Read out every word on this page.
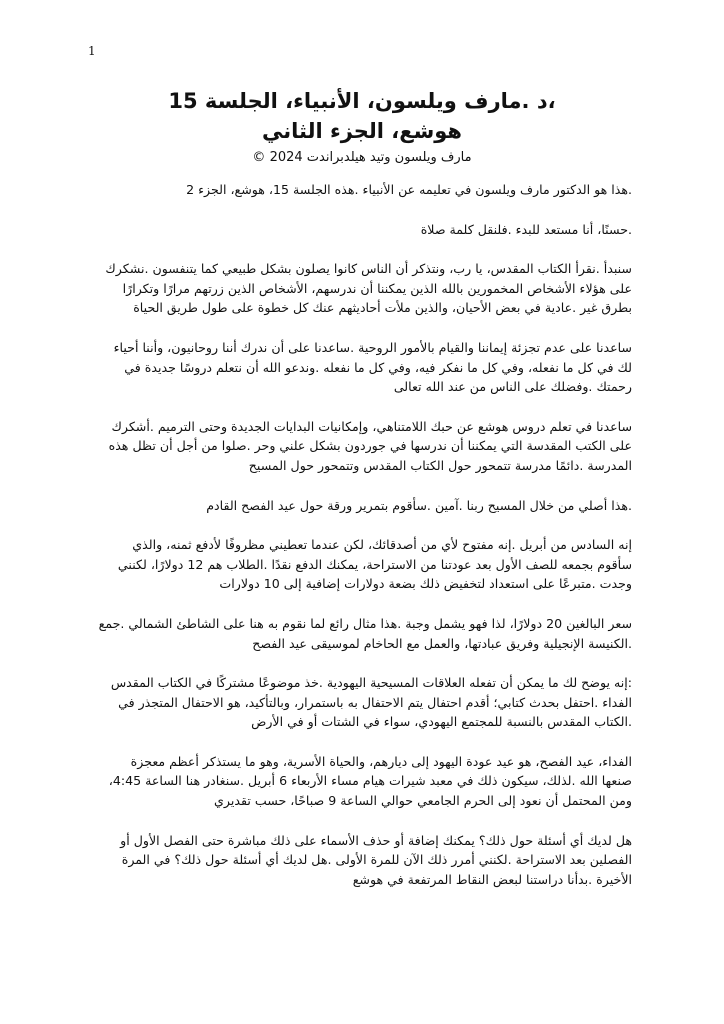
1
،د .مارف ويلسون، الأنبياء، الجلسة 15
هوشع، الجزء الثاني
مارف ويلسون وتيد هيلدبراندت 2024 ©

.هذا هو الدكتور مارف ويلسون في تعليمه عن الأنبياء .هذه الجلسة 15، هوشع، الجزء 2

.حسنًا، أنا مستعد للبدء .فلنقل كلمة صلاة

سنبدأ .نقرأ الكتاب المقدس، يا رب، ونتذكر أن الناس كانوا يصلون بشكل طبيعي كما يتنفسون .نشكرك على هؤلاء الأشخاص المخمورين بالله الذين يمكننا أن ندرسهم، الأشخاص الذين زرتهم مرارًا وتكرارًا بطرق غير .عادية في بعض الأحيان، والذين ملأت أحاديثهم عنك كل خطوة على طول طريق الحياة

ساعدنا على عدم تجزئة إيماننا والقيام بالأمور الروحية .ساعدنا على أن ندرك أننا روحانيون، وأننا أحياء لك في كل ما نفعله، وفي كل ما نفكر فيه، وفي كل ما نفعله .وندعو الله أن نتعلم دروسًا جديدة في رحمتك .وفضلك على الناس من عند الله تعالى

ساعدنا في تعلم دروس هوشع عن حبك اللامتناهي، وإمكانيات البدايات الجديدة وحتى الترميم .أشكرك على الكتب المقدسة التي يمكننا أن ندرسها في جوردون بشكل علني وحر .صلوا من أجل أن تظل هذه المدرسة .دائمًا مدرسة تتمحور حول الكتاب المقدس وتتمحور حول المسيح

.هذا أصلي من خلال المسيح ربنا .آمين .سأقوم بتمرير ورقة حول عيد الفصح القادم

إنه السادس من أبريل .إنه مفتوح لأي من أصدقائك، لكن عندما تعطيني مظروفًا لأدفع ثمنه، والذي سأقوم بجمعه للصف الأول بعد عودتنا من الاستراحة، يمكنك الدفع نقدًا .الطلاب هم 12 دولارًا، لكنني وجدت .متبرعًا على استعداد لتخفيض ذلك بضعة دولارات إضافية إلى 10 دولارات

سعر البالغين 20 دولارًا، لذا فهو يشمل وجبة .هذا مثال رائع لما نقوم به هنا على الشاطئ الشمالي .جمع .الكنيسة الإنجيلية وفريق عبادتها، والعمل مع الحاخام لموسيقى عيد الفصح

:إنه يوضح لك ما يمكن أن تفعله العلاقات المسيحية اليهودية .خذ موضوعًا مشتركًا في الكتاب المقدس الفداء .احتفل بحدث كتابي؛ أقدم احتفال يتم الاحتفال به باستمرار، وبالتأكيد، هو الاحتفال المتجذر في .الكتاب المقدس بالنسبة للمجتمع اليهودي، سواء في الشتات أو في الأرض

الفداء، عيد الفصح، هو عيد عودة اليهود إلى ديارهم، والحياة الأسرية، وهو ما يستذكر أعظم معجزة صنعها الله .لذلك، سيكون ذلك في معبد شيرات هيام مساء الأربعاء 6 أبريل .سنغادر هنا الساعة 4:45، ومن المحتمل أن نعود إلى الحرم الجامعي حوالي الساعة 9 صباحًا، حسب تقديري

هل لديك أي أسئلة حول ذلك؟ يمكنك إضافة أو حذف الأسماء على ذلك مباشرة حتى الفصل الأول أو الفصلين بعد الاستراحة .لكنني أمرر ذلك الآن للمرة الأولى .هل لديك أي أسئلة حول ذلك؟ في المرة الأخيرة .بدأنا دراستنا لبعض النقاط المرتفعة في هوشع
